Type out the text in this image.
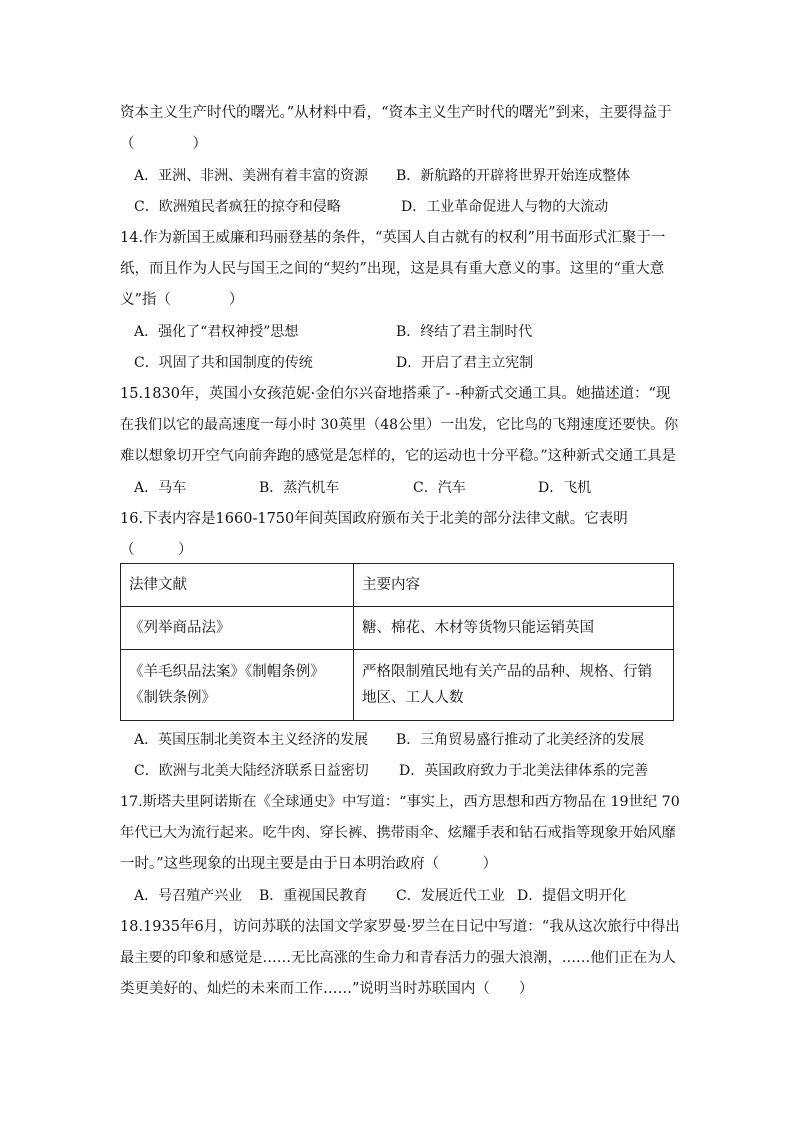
资本主义生产时代的曙光。”从材料中看，“资本主义生产时代的曙光”到来，主要得益于
（　　　　）
A．亚洲、非洲、美洲有着丰富的资源 B．新航路的开辟将世界开始连成整体
C．欧洲殖民者疯狂的掠夺和侵略	D．工业革命促进人与物的大流动
14.作为新国王威廉和玛丽登基的条件，“英国人自古就有的权利”用书面形式汇聚于一
纸，而且作为人民与国王之间的“契约”出现，这是具有重大意义的事。这里的“重大意
义”指（　　　　）
A．强化了“君权神授”思想	B．终结了君主制时代
C．巩固了共和国制度的传统	D．开启了君主立宪制
15.1830年，英国小女孩范妮·金伯尔兴奋地搭乘了- -种新式交通工具。她描述道：“现
在我们以它的最高速度一每小时 30英里（48公里）一出发，它比鸟的飞翔速度还要快。你
难以想象切开空气向前奔跑的感觉是怎样的，它的运动也十分平稳。”这种新式交通工具是
A．马车	B．蒸汽机车	C．汽车	D．飞机
16.下表内容是1660-1750年间英国政府颁布关于北美的部分法律文献。它表明
（　　　）
法律文献	主要内容
《列举商品法》	糖、棉花、木材等货物只能运销英国
《羊毛织品法案》《制帽条例》《制铁条例》	严格限制殖民地有关产品的品种、规格、行销地区、工人人数
A．英国压制北美资本主义经济的发展 B．三角贸易盛行推动了北美经济的发展
C．欧洲与北美大陆经济联系日益密切 D．英国政府致力于北美法律体系的完善
17.斯塔夫里阿诺斯在《全球通史》中写道：“事实上，西方思想和西方物品在 19世纪 70
年代已大为流行起来。吃牛肉、穿长裤、携带雨伞、炫耀手表和钻石戒指等现象开始风靡
一时。”这些现象的出现主要是由于日本明治政府（　　　）
A．号召殖产兴业 B．重视国民教育 C．发展近代工业 D．提倡文明开化
18.1935年6月，访问苏联的法国文学家罗曼·罗兰在日记中写道：“我从这次旅行中得出
最主要的印象和感觉是……无比高涨的生命力和青春活力的强大浪潮，……他们正在为人
类更美好的、灿烂的未来而工作……”说明当时苏联国内（　　）
